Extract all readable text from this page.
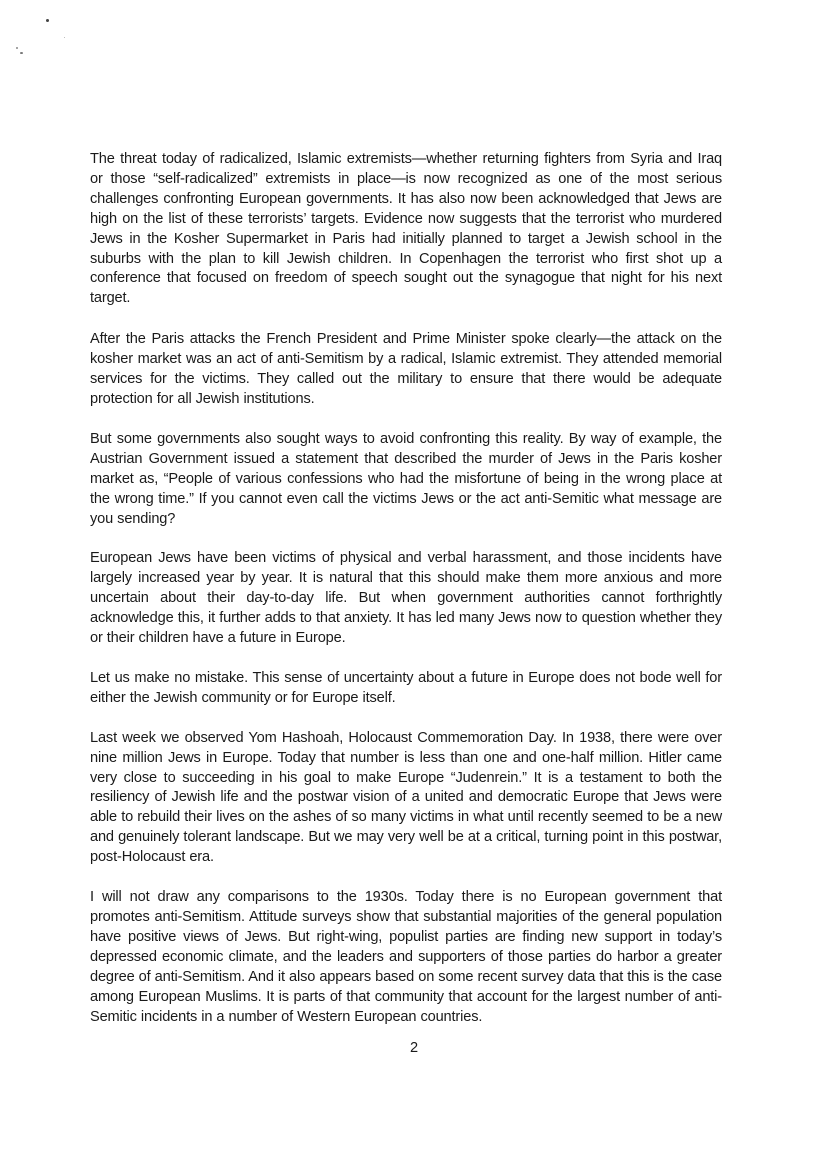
The threat today of radicalized, Islamic extremists—whether returning fighters from Syria and Iraq or those “self-radicalized” extremists in place—is now recognized as one of the most serious challenges confronting European governments. It has also now been acknowledged that Jews are high on the list of these terrorists’ targets. Evidence now suggests that the terrorist who murdered Jews in the Kosher Supermarket in Paris had initially planned to target a Jewish school in the suburbs with the plan to kill Jewish children. In Copenhagen the terrorist who first shot up a conference that focused on freedom of speech sought out the synagogue that night for his next target.

After the Paris attacks the French President and Prime Minister spoke clearly—the attack on the kosher market was an act of anti-Semitism by a radical, Islamic extremist. They attended memorial services for the victims. They called out the military to ensure that there would be adequate protection for all Jewish institutions.

But some governments also sought ways to avoid confronting this reality. By way of example, the Austrian Government issued a statement that described the murder of Jews in the Paris kosher market as, “People of various confessions who had the misfortune of being in the wrong place at the wrong time.” If you cannot even call the victims Jews or the act anti-Semitic what message are you sending?

European Jews have been victims of physical and verbal harassment, and those incidents have largely increased year by year. It is natural that this should make them more anxious and more uncertain about their day-to-day life. But when government authorities cannot forthrightly acknowledge this, it further adds to that anxiety. It has led many Jews now to question whether they or their children have a future in Europe.

Let us make no mistake. This sense of uncertainty about a future in Europe does not bode well for either the Jewish community or for Europe itself.

Last week we observed Yom Hashoah, Holocaust Commemoration Day. In 1938, there were over nine million Jews in Europe. Today that number is less than one and one-half million. Hitler came very close to succeeding in his goal to make Europe “Judenrein.” It is a testament to both the resiliency of Jewish life and the postwar vision of a united and democratic Europe that Jews were able to rebuild their lives on the ashes of so many victims in what until recently seemed to be a new and genuinely tolerant landscape. But we may very well be at a critical, turning point in this postwar, post-Holocaust era.

I will not draw any comparisons to the 1930s. Today there is no European government that promotes anti-Semitism. Attitude surveys show that substantial majorities of the general population have positive views of Jews. But right-wing, populist parties are finding new support in today’s depressed economic climate, and the leaders and supporters of those parties do harbor a greater degree of anti-Semitism. And it also appears based on some recent survey data that this is the case among European Muslims. It is parts of that community that account for the largest number of anti-Semitic incidents in a number of Western European countries.

2
